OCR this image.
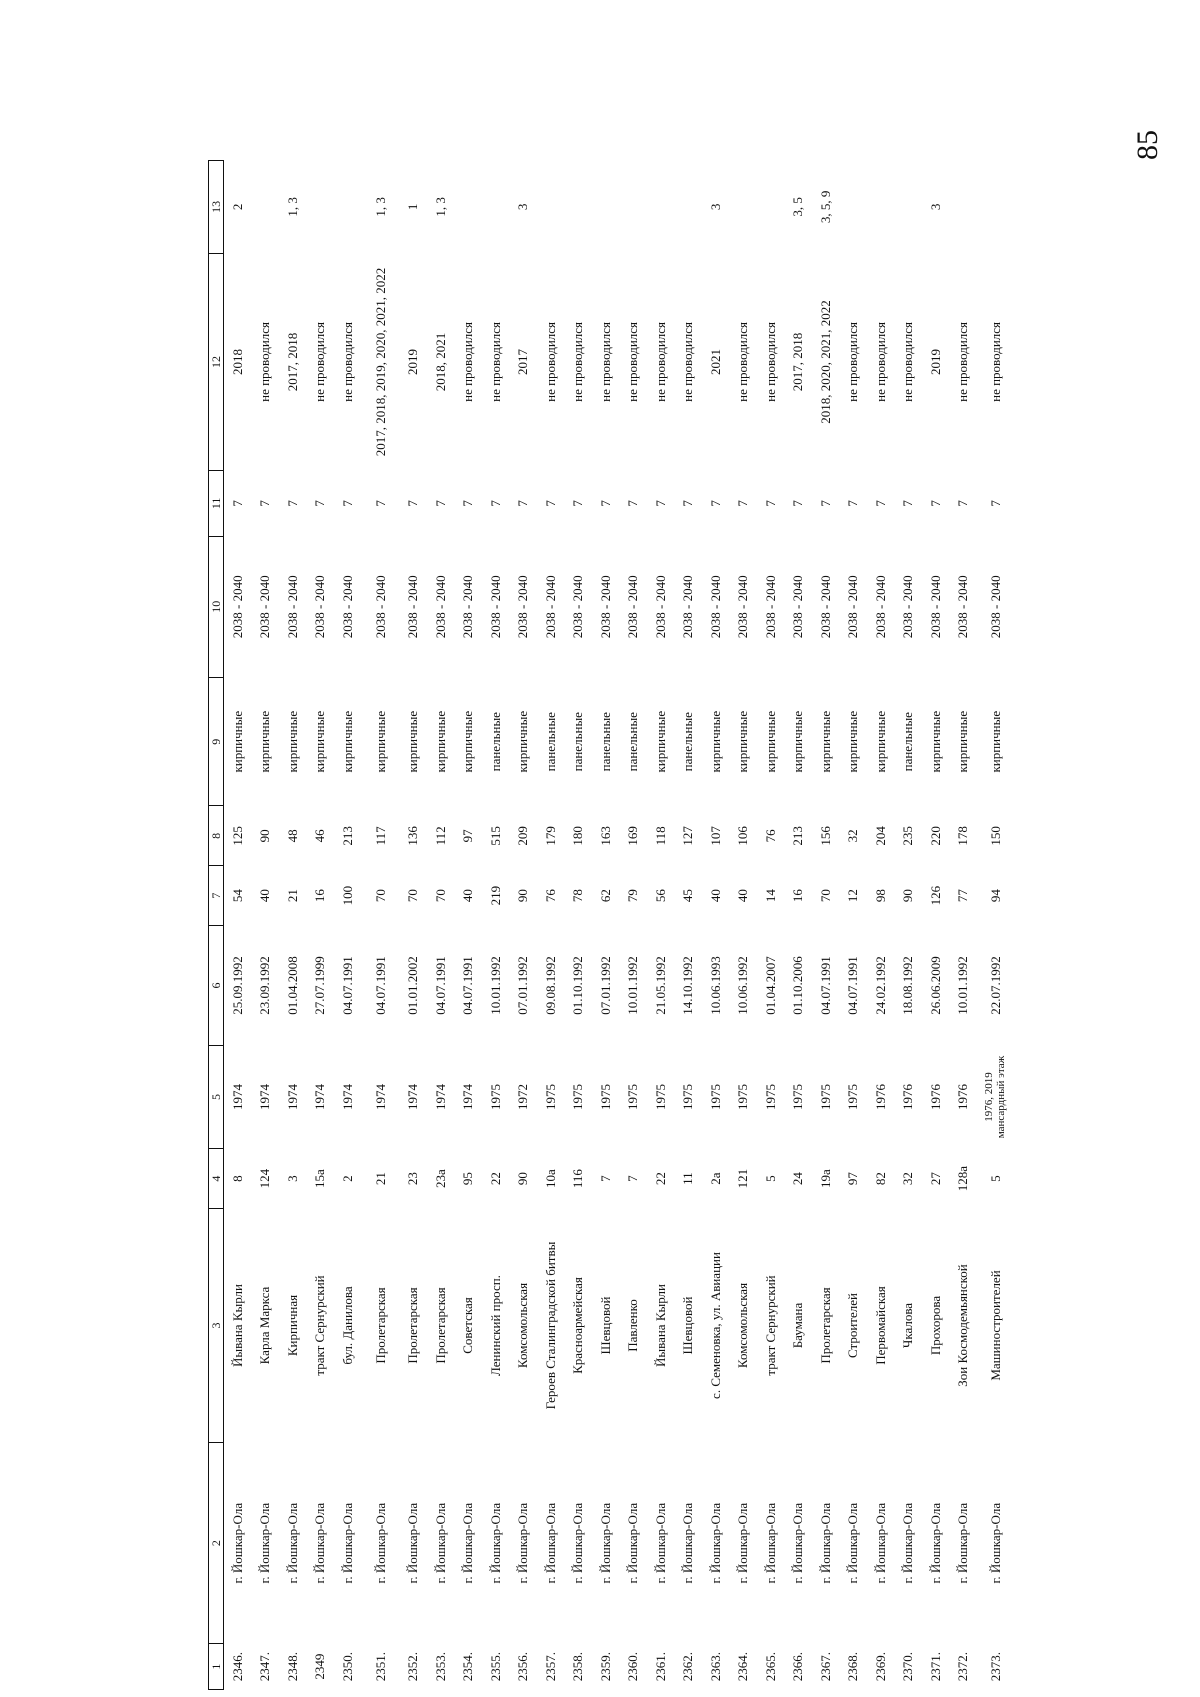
85
1	2	3	4	5	6	7	8	9	10	11	12	13
2346.	г. Йошкар-Ола	Йывана Кырли	8	1974	25.09.1992	54	125	кирпичные	2038 - 2040	7	2018	2
2347.	г. Йошкар-Ола	Карла Маркса	124	1974	23.09.1992	40	90	кирпичные	2038 - 2040	7	не проводился	
2348.	г. Йошкар-Ола	Кирпичная	3	1974	01.04.2008	21	48	кирпичные	2038 - 2040	7	2017, 2018	1, 3
2349	г. Йошкар-Ола	тракт Сернурский	15а	1974	27.07.1999	16	46	кирпичные	2038 - 2040	7	не проводился	
2350.	г. Йошкар-Ола	бул. Данилова	2	1974	04.07.1991	100	213	кирпичные	2038 - 2040	7	не проводился	
2351.	г. Йошкар-Ола	Пролетарская	21	1974	04.07.1991	70	117	кирпичные	2038 - 2040	7	2017, 2018, 2019, 2020, 2021, 2022	1, 3
2352.	г. Йошкар-Ола	Пролетарская	23	1974	01.01.2002	70	136	кирпичные	2038 - 2040	7	2019	1
2353.	г. Йошкар-Ола	Пролетарская	23а	1974	04.07.1991	70	112	кирпичные	2038 - 2040	7	2018, 2021	1, 3
2354.	г. Йошкар-Ола	Советская	95	1974	04.07.1991	40	97	кирпичные	2038 - 2040	7	не проводился	
2355.	г. Йошкар-Ола	Ленинский просп.	22	1975	10.01.1992	219	515	панельные	2038 - 2040	7	не проводился	
2356.	г. Йошкар-Ола	Комсомольская	90	1972	07.01.1992	90	209	кирпичные	2038 - 2040	7	2017	3
2357.	г. Йошкар-Ола	Героев Сталинградской битвы	10а	1975	09.08.1992	76	179	панельные	2038 - 2040	7	не проводился	
2358.	г. Йошкар-Ола	Красноармейская	116	1975	01.10.1992	78	180	панельные	2038 - 2040	7	не проводился	
2359.	г. Йошкар-Ола	Шевцовой	7	1975	07.01.1992	62	163	панельные	2038 - 2040	7	не проводился	
2360.	г. Йошкар-Ола	Павленко	7	1975	10.01.1992	79	169	панельные	2038 - 2040	7	не проводился	
2361.	г. Йошкар-Ола	Йывана Кырли	22	1975	21.05.1992	56	118	кирпичные	2038 - 2040	7	не проводился	
2362.	г. Йошкар-Ола	Шевцовой	11	1975	14.10.1992	45	127	панельные	2038 - 2040	7	не проводился	
2363.	г. Йошкар-Ола	с. Семеновка, ул. Авиации	2а	1975	10.06.1993	40	107	кирпичные	2038 - 2040	7	2021	3
2364.	г. Йошкар-Ола	Комсомольская	121	1975	10.06.1992	40	106	кирпичные	2038 - 2040	7	не проводился	
2365.	г. Йошкар-Ола	тракт Сернурский	5	1975	01.04.2007	14	76	кирпичные	2038 - 2040	7	не проводился	
2366.	г. Йошкар-Ола	Баумана	24	1975	01.10.2006	16	213	кирпичные	2038 - 2040	7	2017, 2018	3, 5
2367.	г. Йошкар-Ола	Пролетарская	19а	1975	04.07.1991	70	156	кирпичные	2038 - 2040	7	2018, 2020, 2021, 2022	3, 5, 9
2368.	г. Йошкар-Ола	Строителей	97	1975	04.07.1991	12	32	кирпичные	2038 - 2040	7	не проводился	
2369.	г. Йошкар-Ола	Первомайская	82	1976	24.02.1992	98	204	кирпичные	2038 - 2040	7	не проводился	
2370.	г. Йошкар-Ола	Чкалова	32	1976	18.08.1992	90	235	панельные	2038 - 2040	7	не проводился	
2371.	г. Йошкар-Ола	Прохорова	27	1976	26.06.2009	126	220	кирпичные	2038 - 2040	7	2019	3
2372.	г. Йошкар-Ола	Зои Космодемьянской	128а	1976	10.01.1992	77	178	кирпичные	2038 - 2040	7	не проводился	
2373.	г. Йошкар-Ола	Машиностроителей	5	1976, 2019 мансардный этаж	22.07.1992	94	150	кирпичные	2038 - 2040	7	не проводился	
